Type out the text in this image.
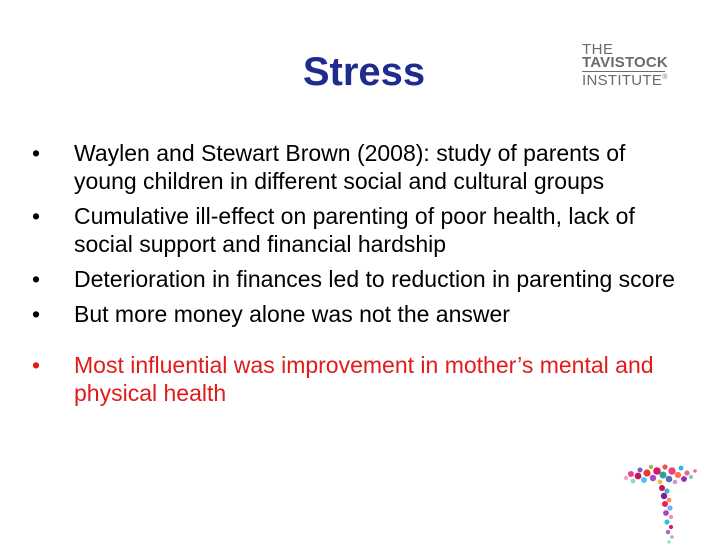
Stress
THE
TAVISTOCK
INSTITUTE®
• Waylen and Stewart Brown (2008): study of parents of young children in different social and cultural groups
• Cumulative ill-effect on parenting of poor health, lack of social support and financial hardship
• Deterioration in finances led to reduction in parenting score
• But more money alone was not the answer
• Most influential was improvement in mother’s mental and physical health
